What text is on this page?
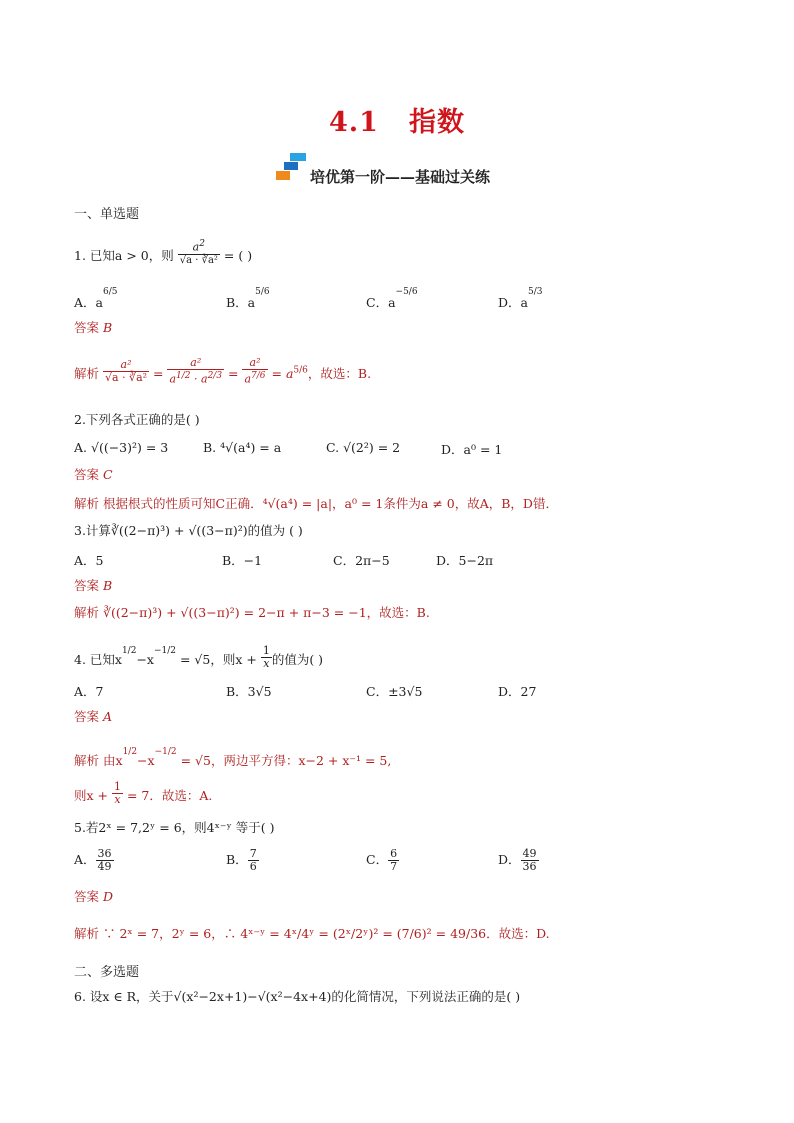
4.1 指数
培优第一阶——基础过关练
一、单选题
1. 已知a > 0，则 $\frac{a^2}{\text{√a · ∛a²}}$ = ( )
A．$a^{6/5}$
B．$a^{5/6}$
C．$a^{-5/6}$
D．$a^{5/3}$
答案 B
解析 $\frac{\text{a²}}{\text{√a · ∛a²}} = \frac{\text{a²}}{a^{1/2} \cdot a^{2/3}} = \frac{\text{a²}}{a^{7/6}} = a^{5/6}$，故选：B.
2.下列各式正确的是( )
A. √((−3)²) = 3	B. ⁴√(a⁴) = a	C. √(2²) = 2	D．a⁰ = 1
答案 C
解析 根据根式的性质可知C正确．⁴√(a⁴) = |a|，a⁰ = 1条件为a ≠ 0，故A，B，D错．
3.计算∛((2−π)³) + √((3−π)²)的值为 ( )
A．5	B．−1	C．2π−5	D．5−2π
答案 B
解析 ∛((2−π)³) + √((3−π)²) = 2−π + π−3 = −1，故选：B.
4. 已知$x^{1/2}-x^{-1/2} = √5$，则$x + \frac{1}{x}$ 的值为( )
A．7	B．3√5	C．±3√5	D．27
答案 A
解析 由$x^{1/2}-x^{-1/2} = √5$，两边平方得：x−2 + x⁻¹ = 5,
则$x + \frac{1}{x} = 7$．故选：A.
5.若2ˣ = 7,2ʸ = 6，则4ˣ⁻ʸ 等于( )
A． $\frac{36}{49}$	B． $\frac{7}{6}$	C． $\frac{6}{7}$	D． $\frac{49}{36}$
答案 D
解析 ∵ 2ˣ = 7，2ʸ = 6，∴ 4ˣ⁻ʸ = 4ˣ/4ʸ = (2ˣ/2ʸ)² = (7/6)² = 49/36．故选：D.
二、多选题
6. 设x ∈ R，关于√(x²−2x+1)−√(x²−4x+4)的化简情况，下列说法正确的是( )
